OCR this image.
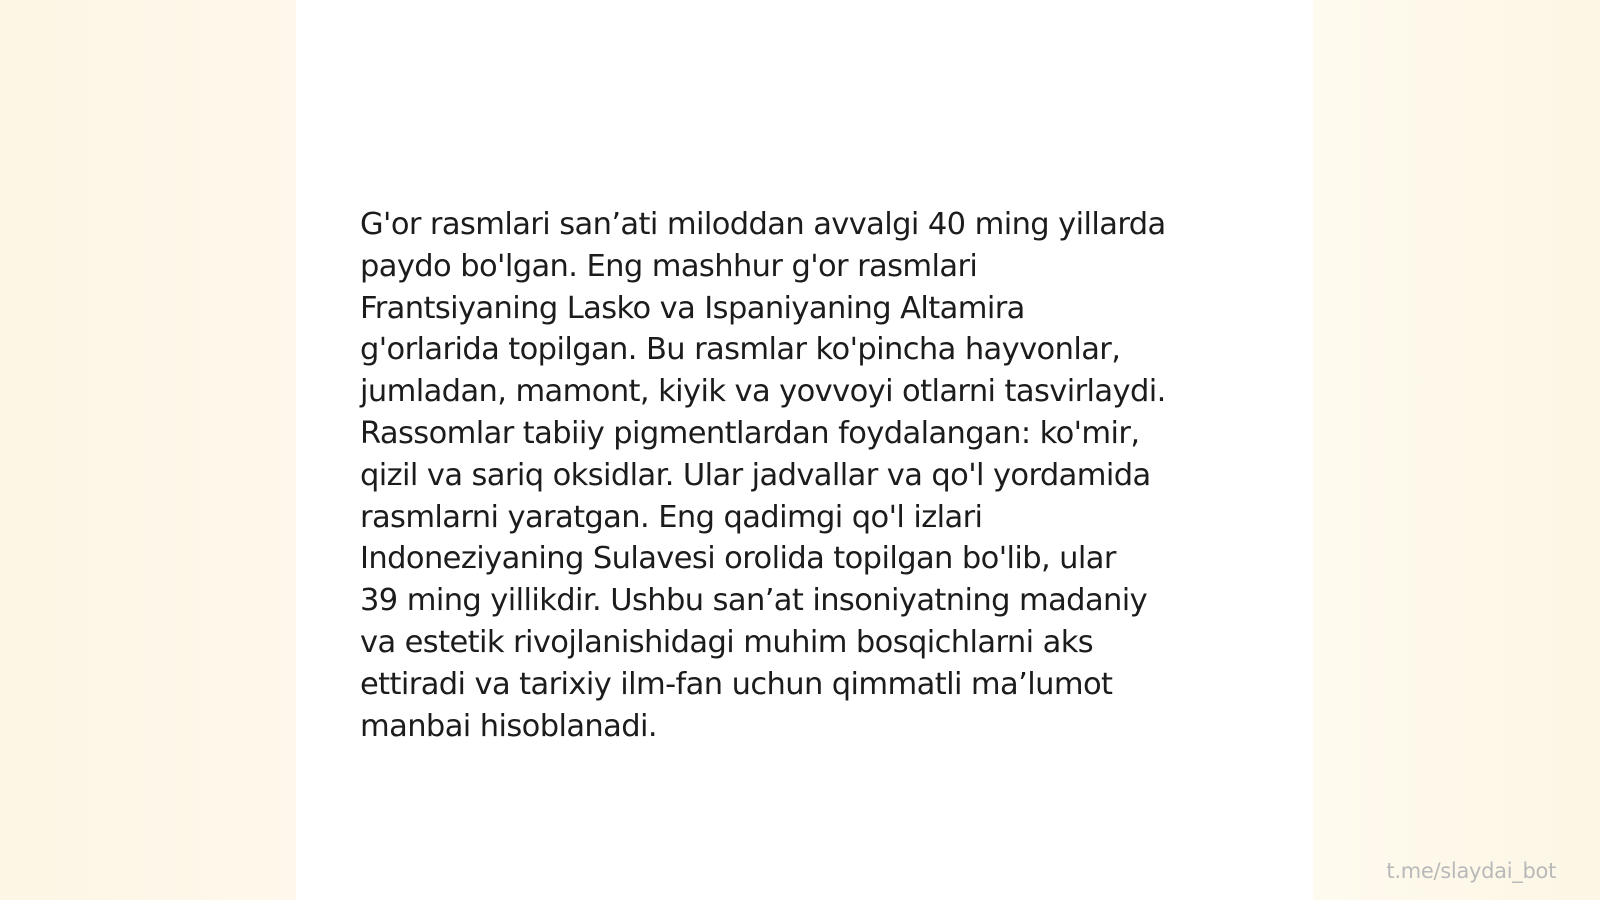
G'or rasmlari san’ati miloddan avvalgi 40 ming yillarda
paydo bo'lgan. Eng mashhur g'or rasmlari
Frantsiyaning Lasko va Ispaniyaning Altamira
g'orlarida topilgan. Bu rasmlar ko'pincha hayvonlar,
jumladan, mamont, kiyik va yovvoyi otlarni tasvirlaydi.
Rassomlar tabiiy pigmentlardan foydalangan: ko'mir,
qizil va sariq oksidlar. Ular jadvallar va qo'l yordamida
rasmlarni yaratgan. Eng qadimgi qo'l izlari
Indoneziyaning Sulavesi orolida topilgan bo'lib, ular
39 ming yillikdir. Ushbu san’at insoniyatning madaniy
va estetik rivojlanishidagi muhim bosqichlarni aks
ettiradi va tarixiy ilm-fan uchun qimmatli ma’lumot
manbai hisoblanadi.

t.me/slaydai_bot
